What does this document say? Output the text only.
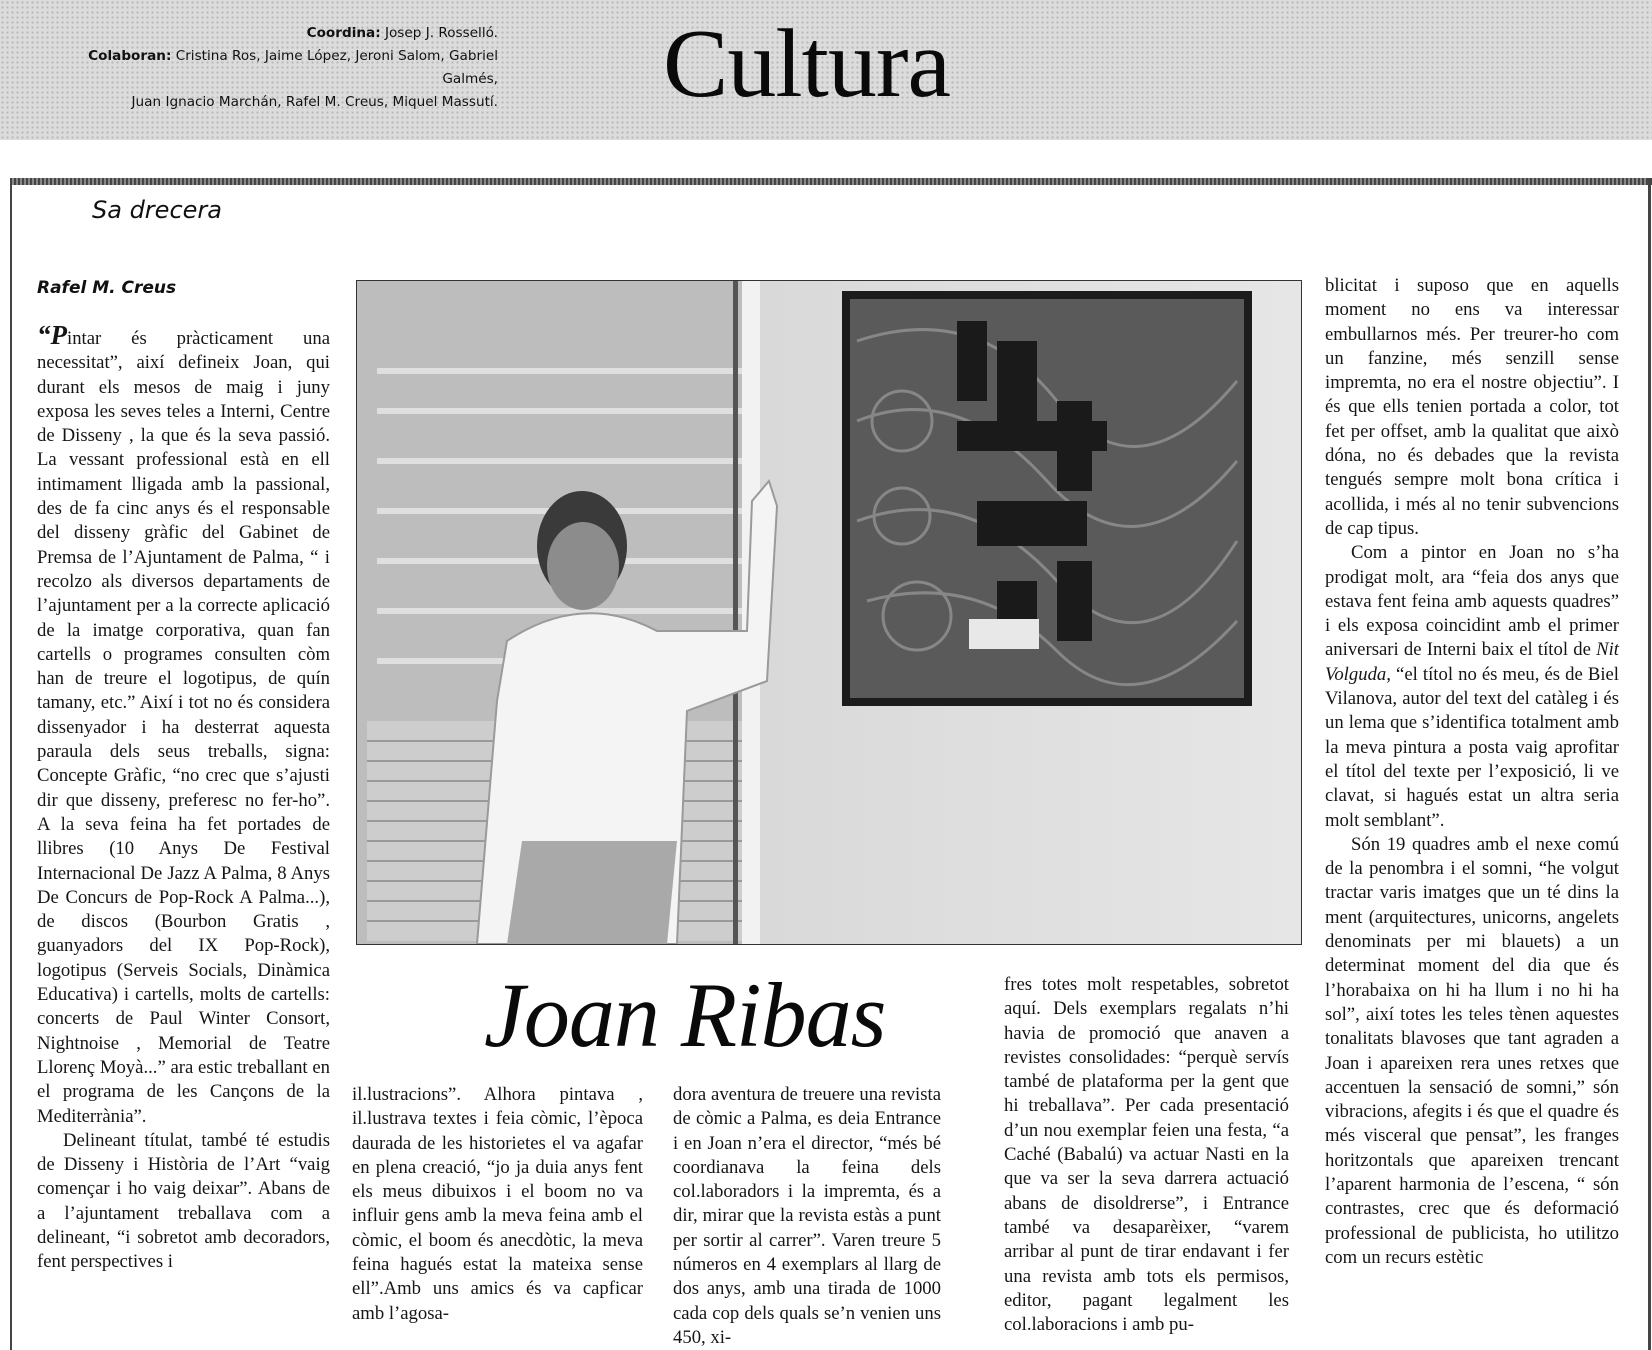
Coordina: Josep J. Rosselló.
Colaboran: Cristina Ros, Jaime López, Jeroni Salom, Gabriel
Galmés,
Juan Ignacio Marchán, Rafel M. Creus, Miquel Massutí. Cultura
Sa drecera
Rafel M. Creus

“Pintar és pràcticament una necessitat”, així defineix Joan, qui durant els mesos de maig i juny exposa les seves teles a Interni, Centre de Disseny , la que és la seva passió. La vessant professional està en ell intimament lligada amb la passional, des de fa cinc anys és el responsable del disseny gràfic del Gabinet de Premsa de l’Ajuntament de Palma, “ i recolzo als diversos departaments de l’ajuntament per a la correcte aplicació de la imatge corporativa, quan fan cartells o programes consulten còm han de treure el logotipus, de quín tamany, etc.” Així i tot no és considera dissenyador i ha desterrat aquesta paraula dels seus treballs, signa: Concepte Gràfic, “no crec que s’ajusti dir que disseny, preferesc no fer-ho”. A la seva feina ha fet portades de llibres (10 Anys De Festival Internacional De Jazz A Palma, 8 Anys De Concurs de Pop-Rock A Palma...), de discos (Bourbon Gratis , guanyadors del IX Pop-Rock), logotipus (Serveis Socials, Dinàmica Educativa) i cartells, molts de cartells: concerts de Paul Winter Consort, Nightnoise , Memorial de Teatre Llorenç Moyà...” ara estic treballant en el programa de les Cançons de la Mediterrània”.

Delineant títulat, també té estudis de Disseny i Història de l’Art “vaig començar i ho vaig deixar”. Abans de a l’ajuntament treballava com a delineant, “i sobretot amb decoradors, fent perspectives i

Joan Ribas

il.lustracions”. Alhora pintava , il.lustrava textes i feia còmic, l’època daurada de les historietes el va agafar en plena creació, “jo ja duia anys fent els meus dibuixos i el boom no va influir gens amb la meva feina amb el còmic, el boom és anecdòtic, la meva feina hagués estat la mateixa sense ell”.Amb uns amics és va capficar amb l’agosa-

dora aventura de treuere una revista de còmic a Palma, es deia Entrance i en Joan n’era el director, “més bé coordianava la feina dels col.laboradors i la impremta, és a dir, mirar que la revista estàs a punt per sortir al carrer”. Varen treure 5 números en 4 exemplars al llarg de dos anys, amb una tirada de 1000 cada cop dels quals se’n venien uns 450, xi-

fres totes molt respetables, sobretot aquí. Dels exemplars regalats n’hi havia de promoció que anaven a revistes consolidades: “perquè servís també de plataforma per la gent que hi treballava”. Per cada presentació d’un nou exemplar feien una festa, “a Caché (Babalú) va actuar Nasti en la que va ser la seva darrera actuació abans de disoldrerse”, i Entrance també va desaparèixer, “varem arribar al punt de tirar endavant i fer una revista amb tots els permisos, editor, pagant legalment les col.laboracions i amb pu-

blicitat i suposo que en aquells moment no ens va interessar embullarnos més. Per treurer-ho com un fanzine, més senzill sense impremta, no era el nostre objectiu”. I és que ells tenien portada a color, tot fet per offset, amb la qualitat que això dóna, no és debades que la revista tengués sempre molt bona crítica i acollida, i més al no tenir subvencions de cap tipus.

Com a pintor en Joan no s’ha prodigat molt, ara “feia dos anys que estava fent feina amb aquests quadres” i els exposa coincidint amb el primer aniversari de Interni baix el títol de Nit Volguda, “el títol no és meu, és de Biel Vilanova, autor del text del catàleg i és un lema que s’identifica totalment amb la meva pintura a posta vaig aprofitar el títol del texte per l’exposició, li ve clavat, si hagués estat un altra seria molt semblant”.

Són 19 quadres amb el nexe comú de la penombra i el somni, “he volgut tractar varis imatges que un té dins la ment (arquitectures, unicorns, angelets denominats per mi blauets) a un determinat moment del dia que és l’horabaixa on hi ha llum i no hi ha sol”, així totes les teles tènen aquestes tonalitats blavoses que tant agraden a Joan i apareixen rera unes retxes que accentuen la sensació de somni,” són vibracions, afegits i és que el quadre és més visceral que pensat”, les franges horitzontals que apareixen trencant l’aparent harmonia de l’escena, “ són contrastes, crec que és deformació professional de publicista, ho utilitzo com un recurs estètic
